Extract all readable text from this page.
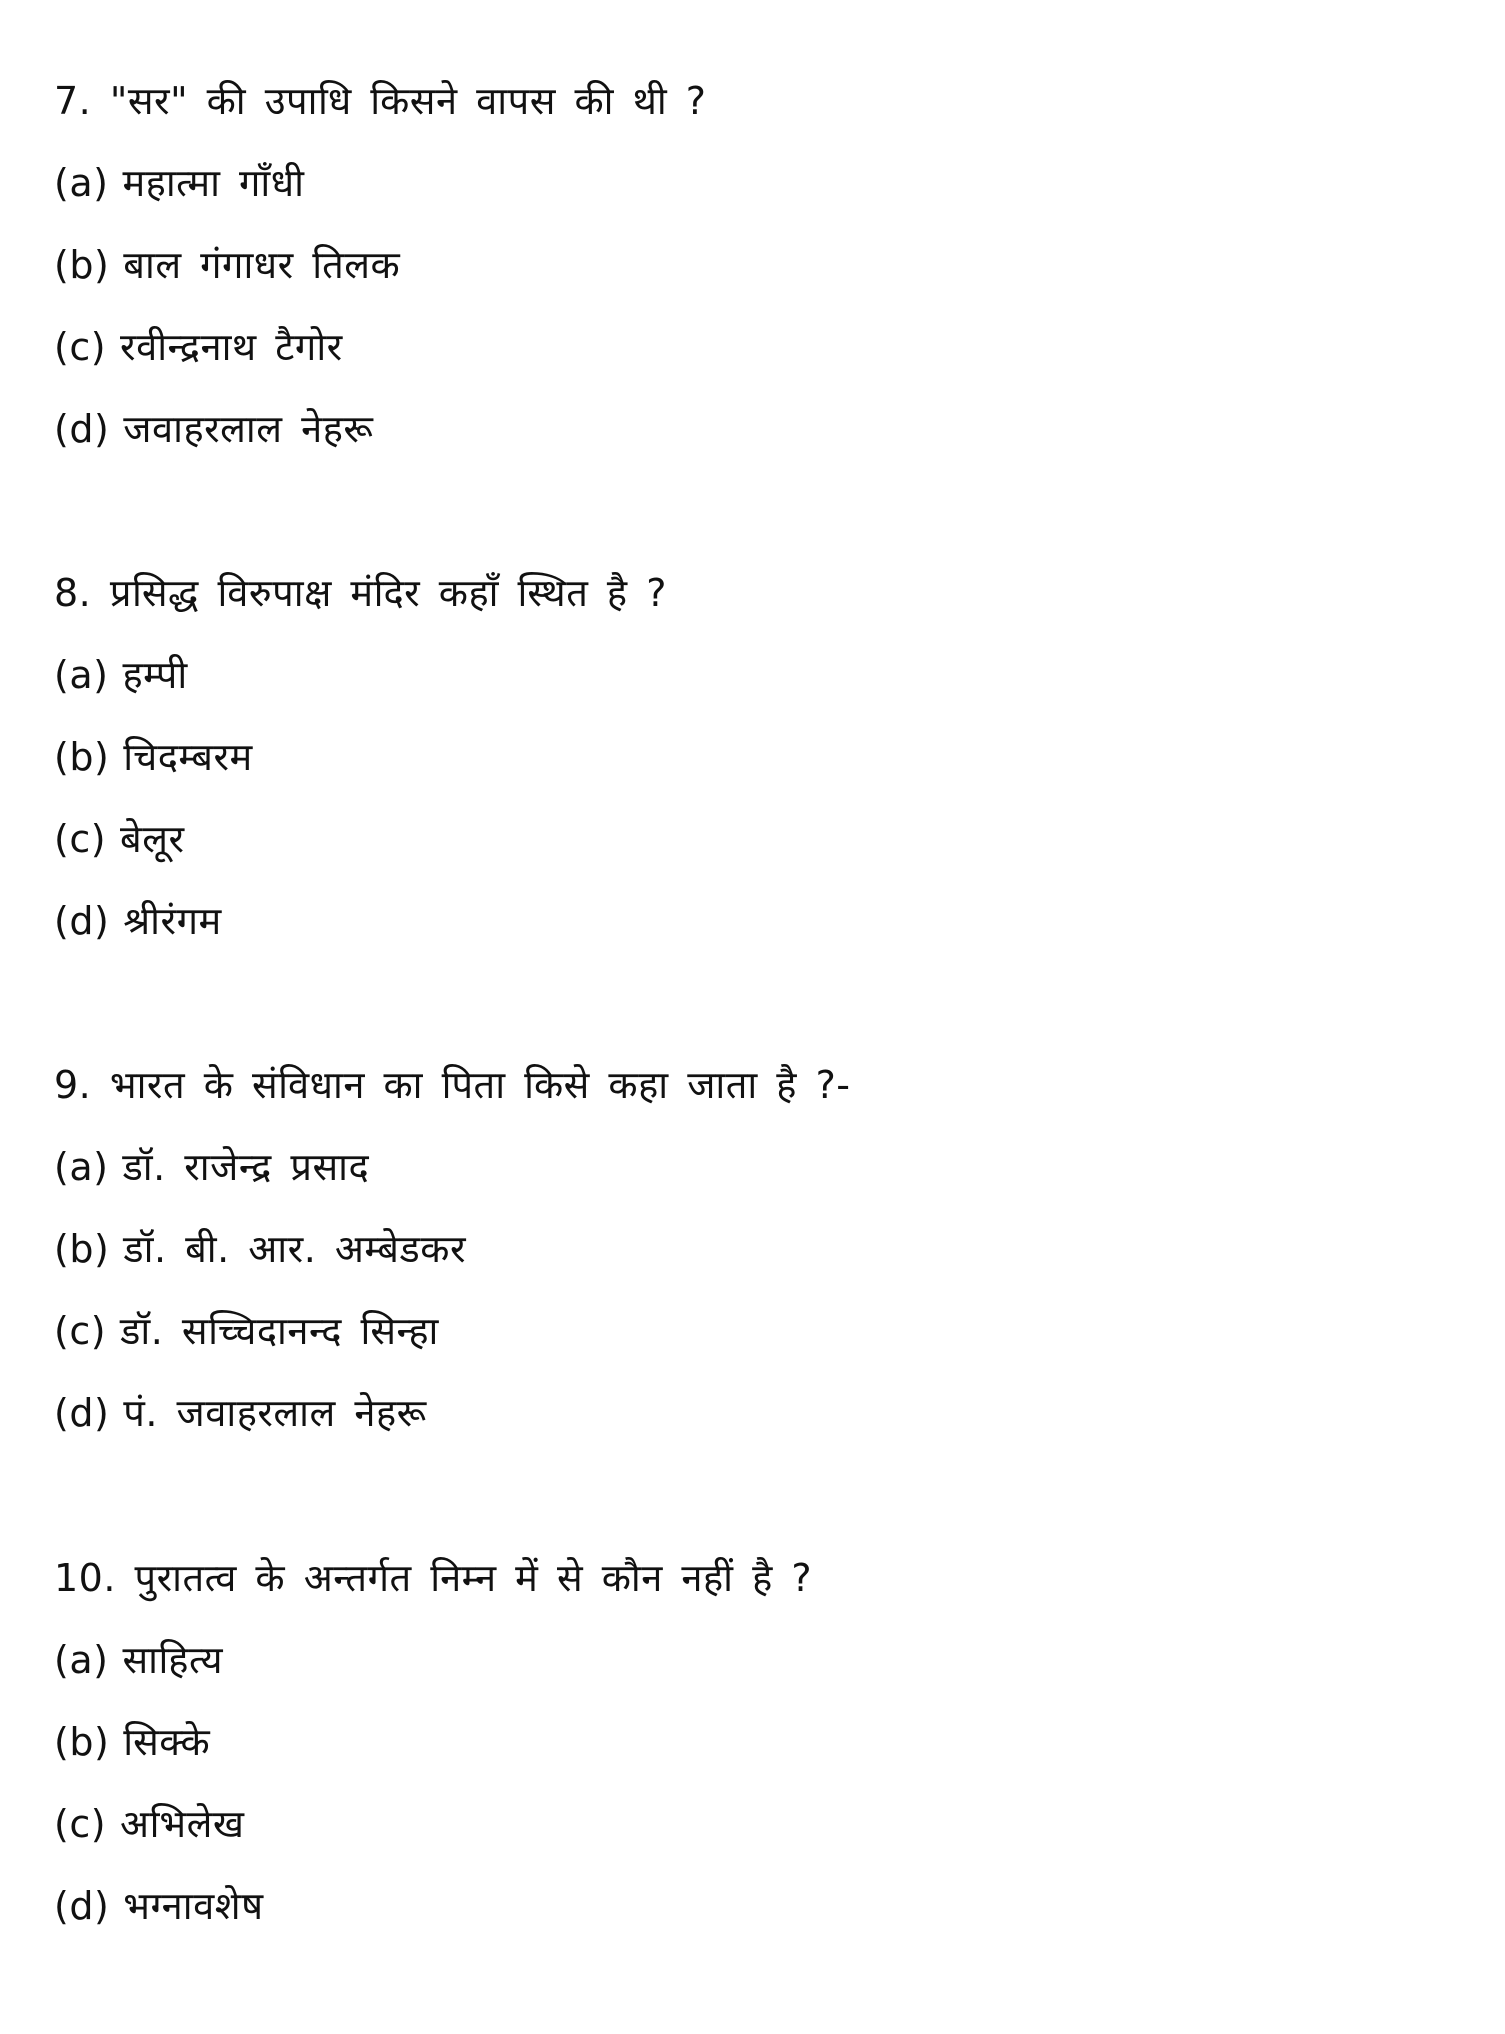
7. "सर" की उपाधि किसने वापस की थी ?
(a) महात्मा गाँधी
(b) बाल गंगाधर तिलक
(c) रवीन्द्रनाथ टैगोर
(d) जवाहरलाल नेहरू
8. प्रसिद्ध विरुपाक्ष मंदिर कहाँ स्थित है ?
(a) हम्पी
(b) चिदम्बरम
(c) बेलूर
(d) श्रीरंगम
9. भारत के संविधान का पिता किसे कहा जाता है ?-
(a) डॉ. राजेन्द्र प्रसाद
(b) डॉ. बी. आर. अम्बेडकर
(c) डॉ. सच्चिदानन्द सिन्हा
(d) पं. जवाहरलाल नेहरू
10. पुरातत्व के अन्तर्गत निम्न में से कौन नहीं है ?
(a) साहित्य
(b) सिक्के
(c) अभिलेख
(d) भग्नावशेष
